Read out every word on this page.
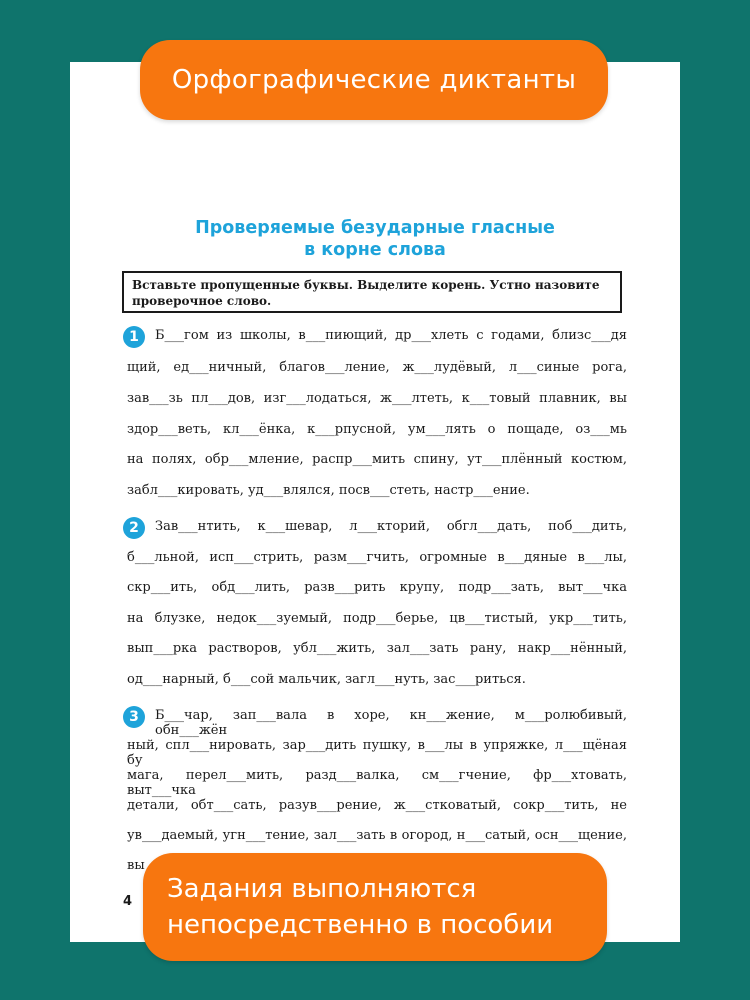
Проверяемые безударные гласные
в корне слова
Вставьте пропущенные буквы. Выделите корень. Устно назовите проверочное слово.
1	Б___гом из школы, в___пиющий, др___хлеть с годами, близс___дя
щий, ед___ничный, благов___ление, ж___лудёвый, л___синые рога,
зав___зь пл___дов, изг___лодаться, ж___лтеть, к___товый плавник, вы
здор___веть, кл___ёнка, к___рпусной, ум___лять о пощаде, оз___мь
на полях, обр___мление, распр___мить спину, ут___плённый костюм,
забл___кировать, уд___влялся, посв___стеть, настр___ение.
2	Зав___нтить, к___шевар, л___кторий, обгл___дать, поб___дить,
б___льной, исп___стрить, разм___гчить, огромные в___дяные в___лы,
скр___ить, обд___лить, разв___рить крупу, подр___зать, выт___чка
на блузке, недок___зуемый, подр___берье, цв___тистый, укр___тить,
вып___рка растворов, убл___жить, зал___зать рану, накр___нённый,
од___нарный, б___сой мальчик, загл___нуть, зас___риться.
3	Б___чар, зап___вала в хоре, кн___жение, м___ролюбивый, обн___жён
ный, спл___нировать, зар___дить пушку, в___лы в упряжке, л___щёная бу
мага, перел___мить, разд___валка, см___гчение, фр___хтовать, выт___чка
детали, обт___сать, разув___рение, ж___стковатый, сокр___тить, не
ув___даемый, угн___тение, зал___зать в огород, н___сатый, осн___щение,
вы
4
Орфографические диктанты
Задания выполняются
непосредственно в пособии
